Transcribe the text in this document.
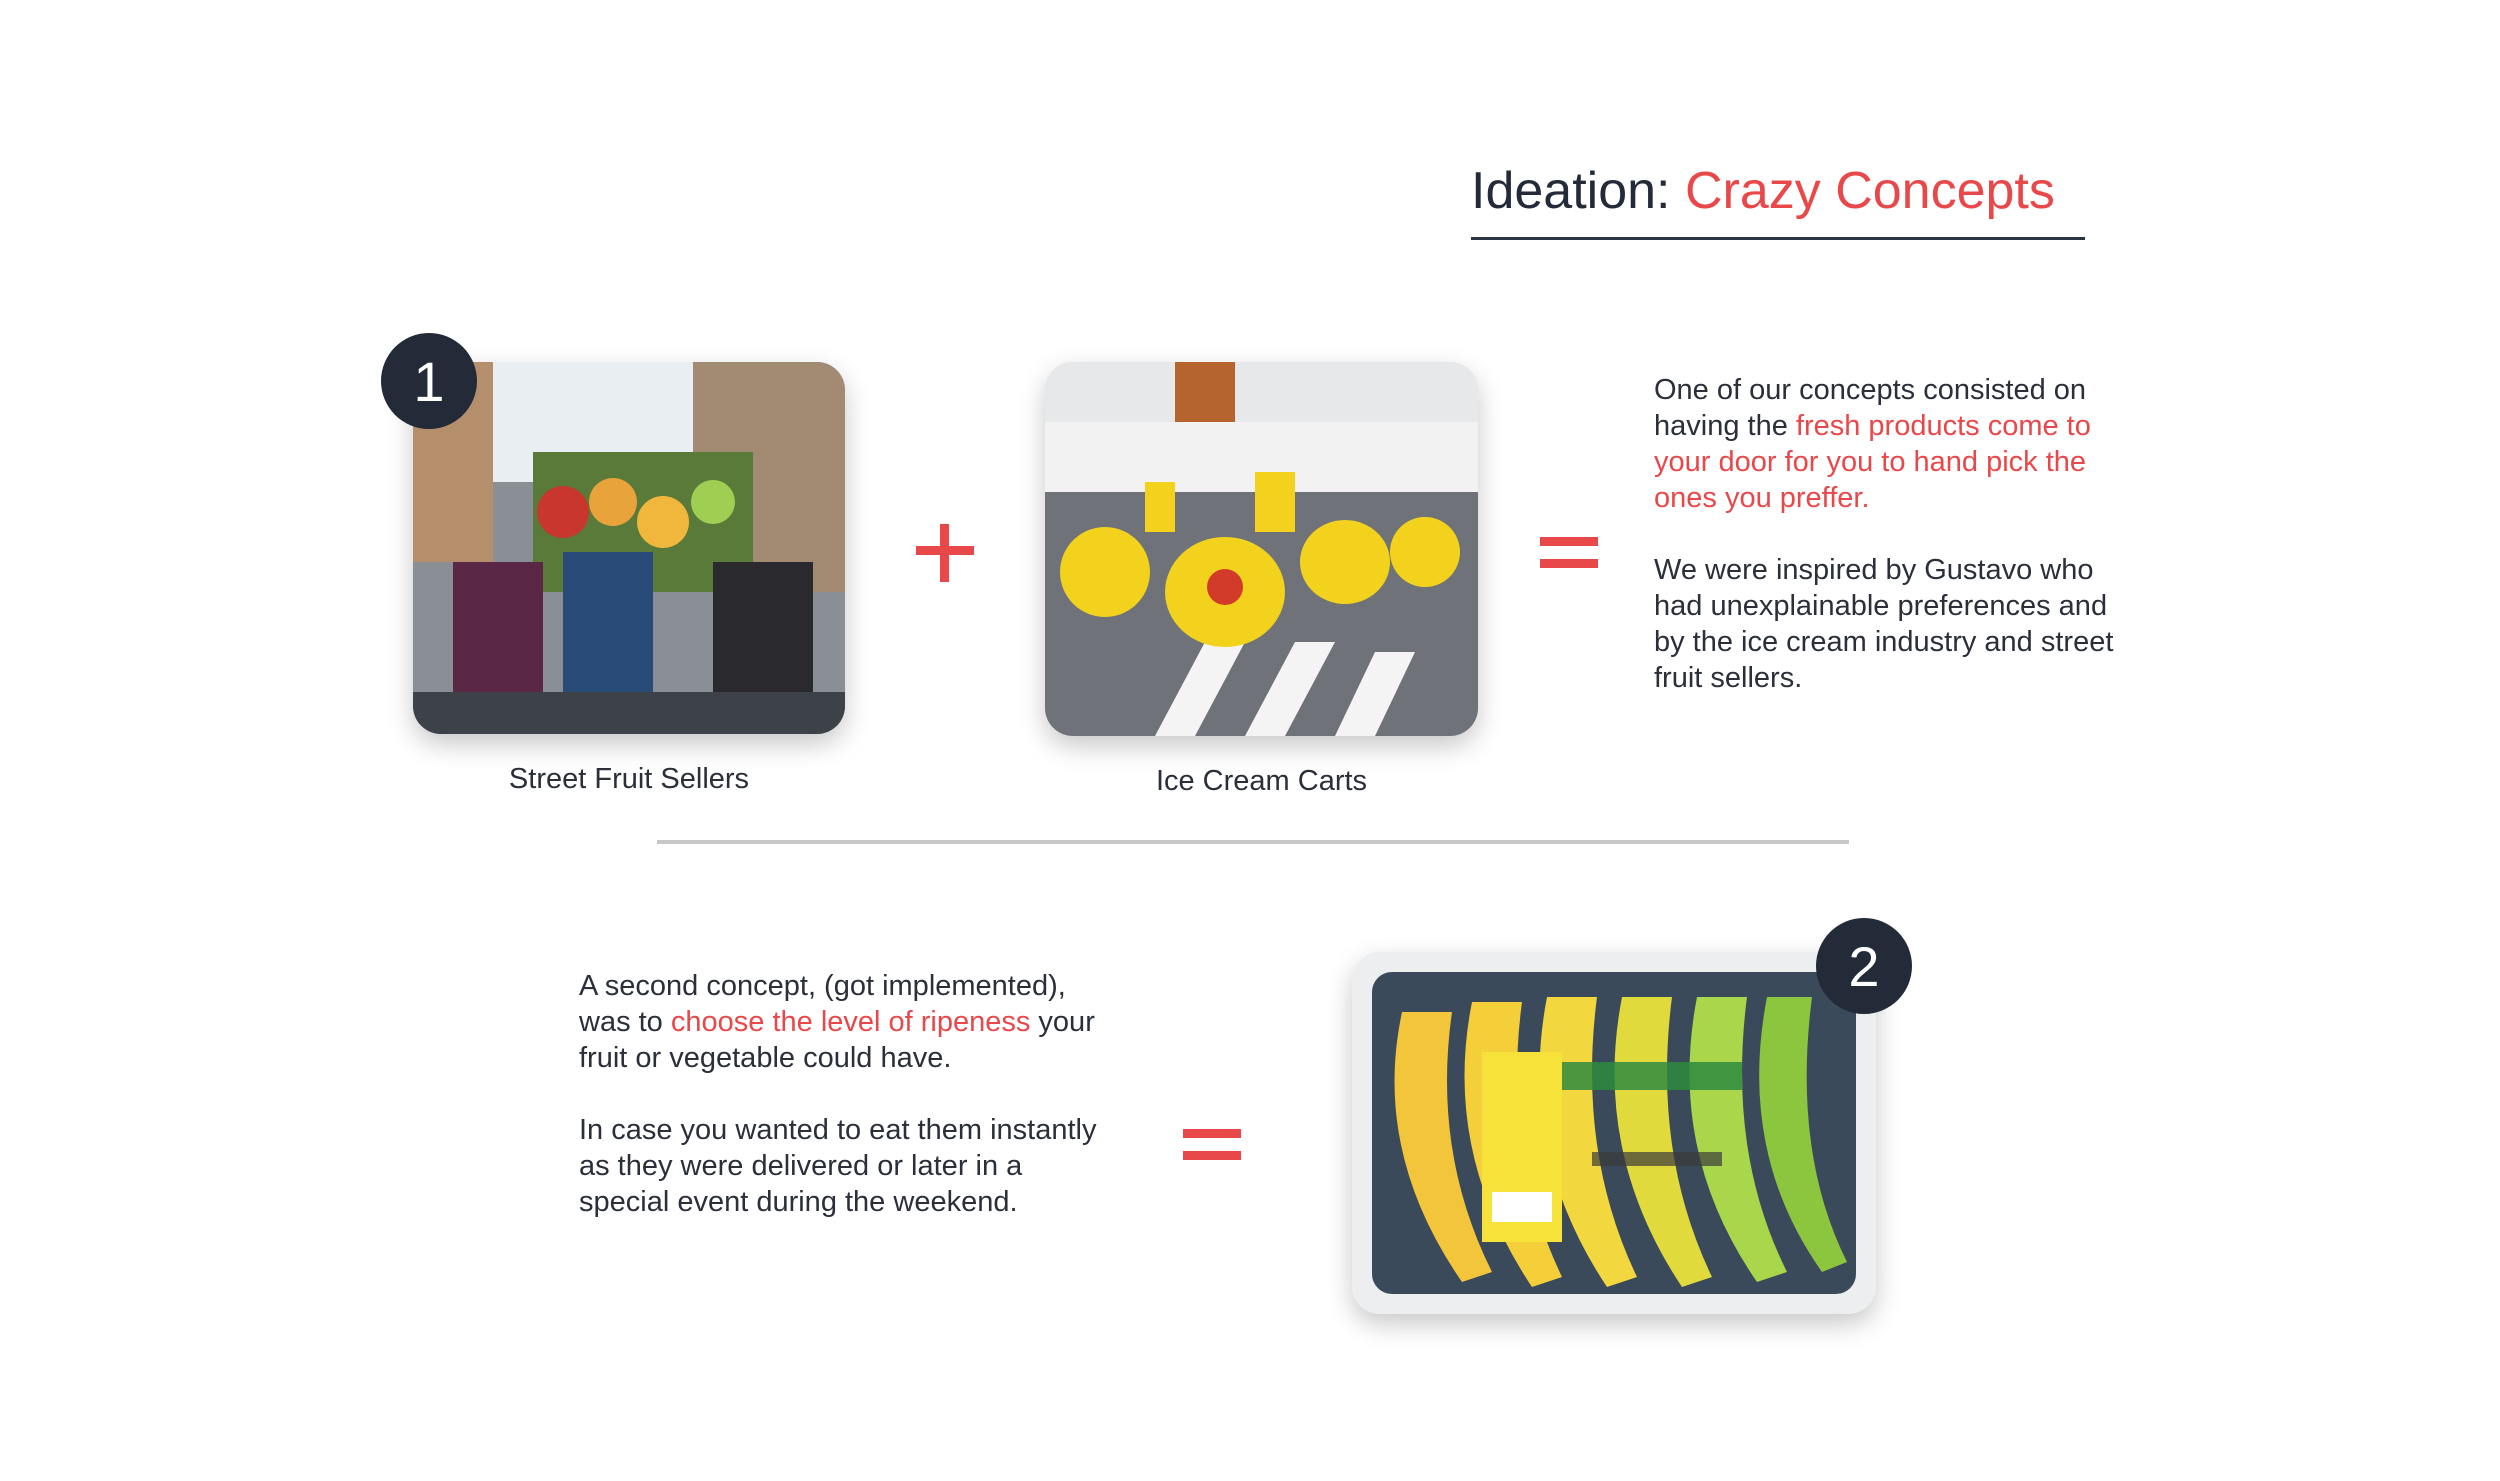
Ideation: Crazy Concepts
1
Street Fruit Sellers	Ice Cream Carts

One of our concepts consisted on having the fresh products come to your door for you to hand pick the ones you preffer.

We were inspired by Gustavo who had unexplainable preferences and by the ice cream industry and street fruit sellers.

A second concept, (got implemented), was to choose the level of ripeness your fruit or vegetable could have.

In case you wanted to eat them instantly as they were delivered or later in a special event during the weekend.

2
